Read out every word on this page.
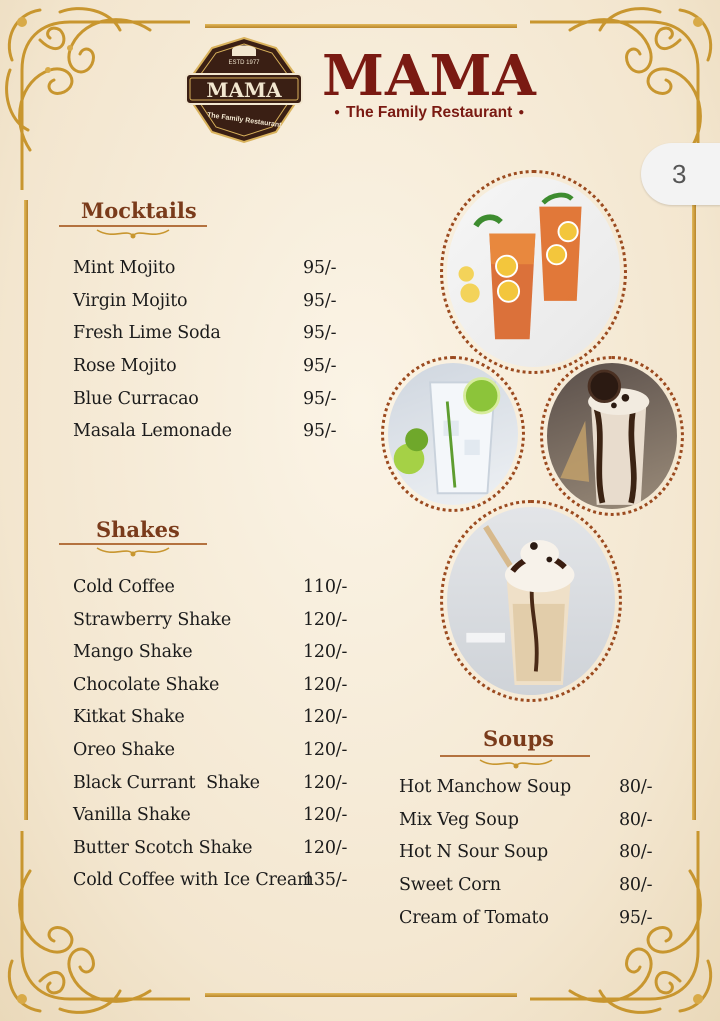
ESTD 1977
MAMA
The Family Restaurant
MAMA
● The Family Restaurant ●
3
Mocktails
Mint Mojito	95/-
Virgin Mojito	95/-
Fresh Lime Soda	95/-
Rose Mojito	95/-
Blue Curracao	95/-
Masala Lemonade	95/-
Shakes
Cold Coffee	110/-
Strawberry Shake	120/-
Mango Shake	120/-
Chocolate Shake	120/-
Kitkat Shake	120/-
Oreo Shake	120/-
Black Currant  Shake 120/-
Vanilla Shake	120/-
Butter Scotch Shake	120/-
Cold Coffee with Ice Cream
135/-
Soups
Hot Manchow Soup	80/-
Mix Veg Soup	80/-
Hot N Sour Soup	80/-
Sweet Corn	80/-
Cream of Tomato	95/-
